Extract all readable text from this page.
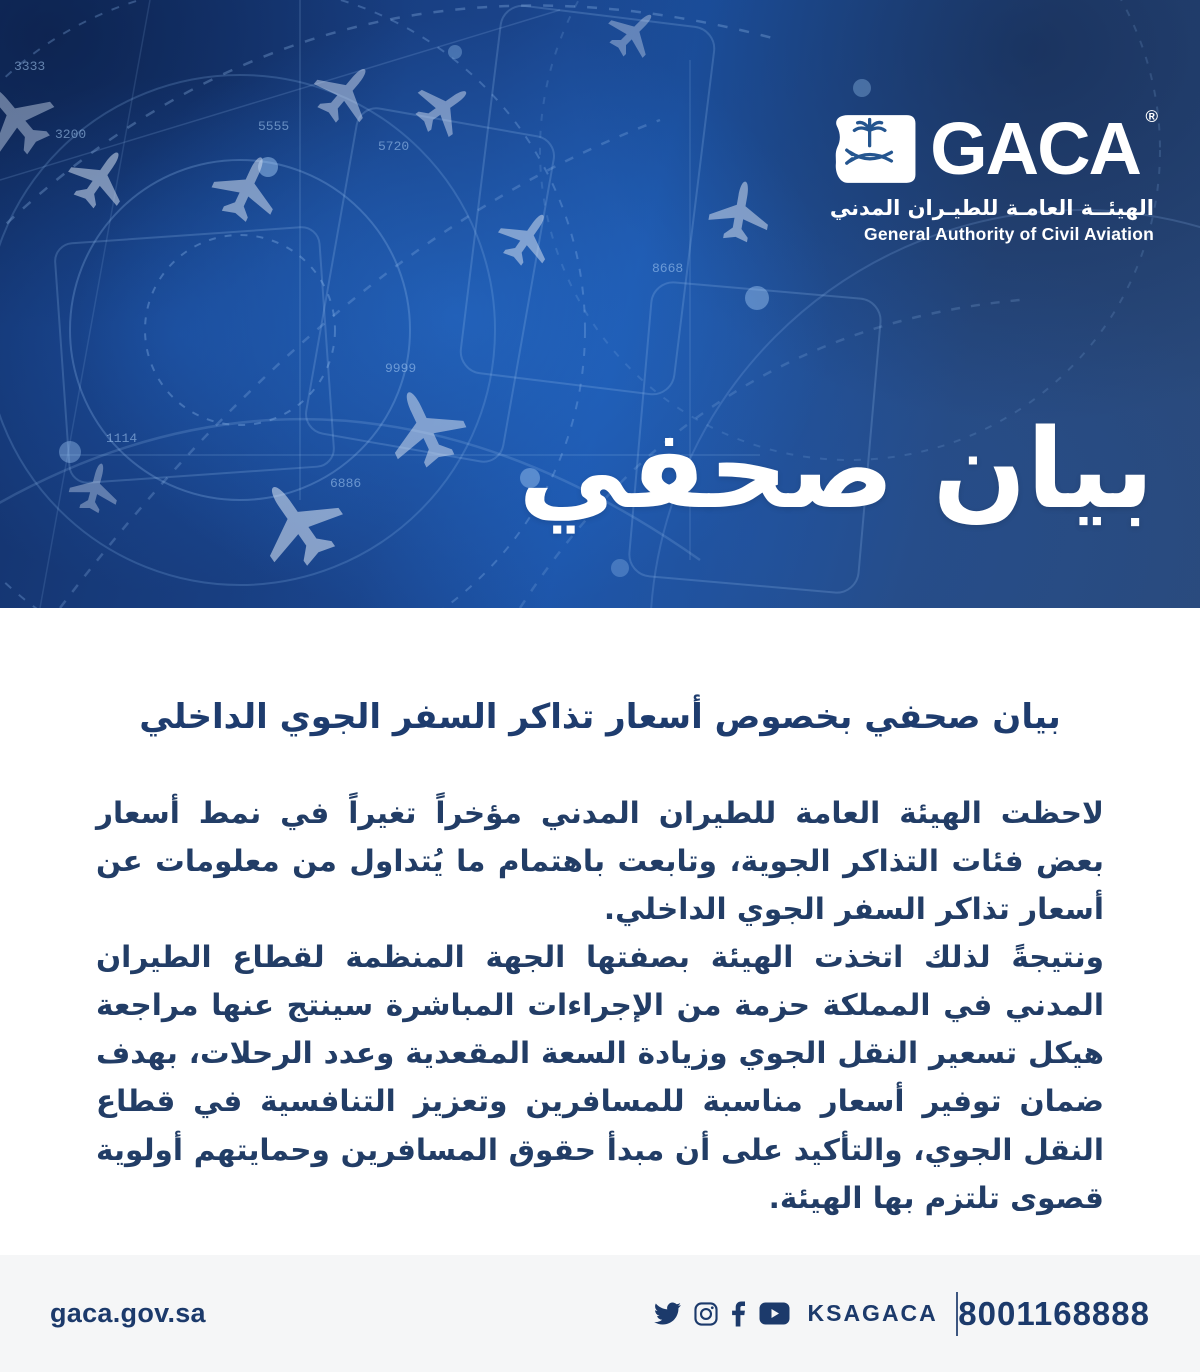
3333
3200
5555
5720
9999
8668
1114
6886
GACA ®
الهيئــة العامـة للطيـران المدني
General Authority of Civil Aviation
بيان صحفي
بيان صحفي بخصوص أسعار تذاكر السفر الجوي الداخلي

لاحظت الهيئة العامة للطيران المدني مؤخراً تغيراً في نمط أسعار بعض فئات التذاكر الجوية، وتابعت باهتمام ما يُتداول من معلومات عن أسعار تذاكر السفر الجوي الداخلي.

ونتيجةً لذلك اتخذت الهيئة بصفتها الجهة المنظمة لقطاع الطيران المدني في المملكة حزمة من الإجراءات المباشرة سينتج عنها مراجعة هيكل تسعير النقل الجوي وزيادة السعة المقعدية وعدد الرحلات، بهدف ضمان توفير أسعار مناسبة للمسافرين وتعزيز التنافسية في قطاع النقل الجوي، والتأكيد على أن مبدأ حقوق المسافرين وحمايتهم أولوية قصوى تلتزم بها الهيئة.

gaca.gov.sa	KSAGACA 8001168888
